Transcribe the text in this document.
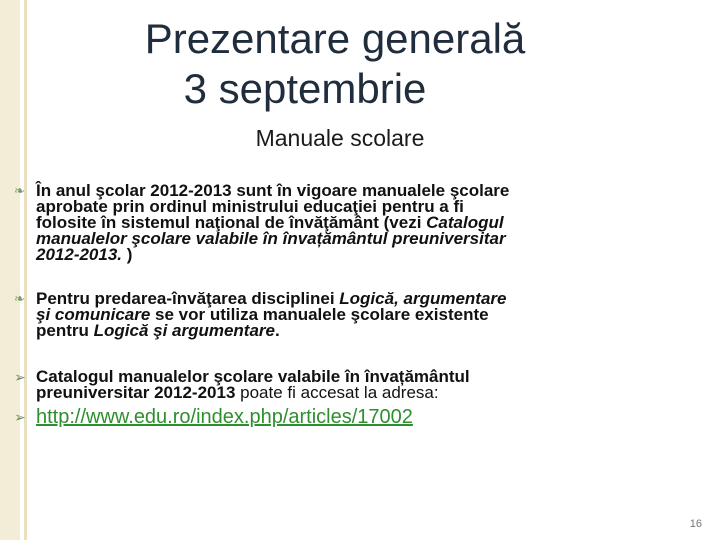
Prezentare generală
3 septembrie
Manuale scolare
❧ În anul şcolar 2012-2013 sunt în vigoare manualele şcolare
aprobate prin ordinul ministrului educaţiei pentru a fi
folosite în sistemul naţional de învăţământ (vezi Catalogul
manualelor şcolare valabile în învațământul preuniversitar
2012-2013. )
❧ Pentru predarea-învăţarea disciplinei Logică, argumentare
şi comunicare se vor utiliza manualele şcolare existente
pentru Logică şi argumentare.
➢ Catalogul manualelor şcolare valabile în învațământul
preuniversitar 2012-2013 poate fi accesat la adresa:
➢ http://www.edu.ro/index.php/articles/17002
16
